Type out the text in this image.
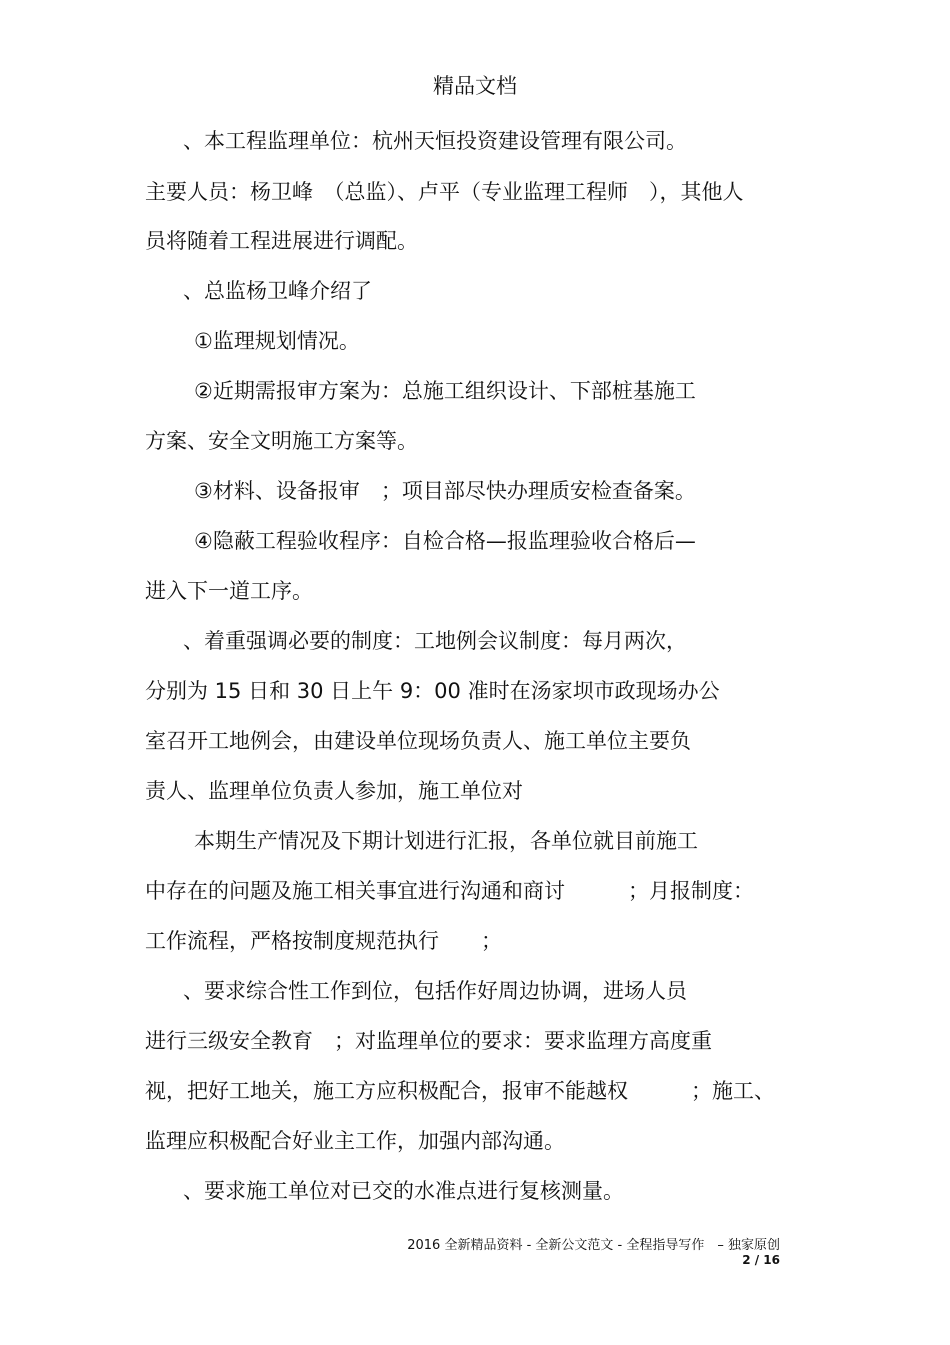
精品文档
、本工程监理单位：杭州天恒投资建设管理有限公司。
主要人员：杨卫峰　（总监）、卢平（专业监理工程师　），其他人
员将随着工程进展进行调配。
、总监杨卫峰介绍了
①监理规划情况。
②近期需报审方案为：总施工组织设计、下部桩基施工
方案、安全文明施工方案等。
③材料、设备报审　；项目部尽快办理质安检查备案。
④隐蔽工程验收程序：自检合格—报监理验收合格后—
进入下一道工序。
、着重强调必要的制度：工地例会议制度：每月两次，
分别为 15 日和 30 日上午 9：00 准时在汤家坝市政现场办公
室召开工地例会，由建设单位现场负责人、施工单位主要负
责人、监理单位负责人参加，施工单位对
本期生产情况及下期计划进行汇报，各单位就目前施工
中存在的问题及施工相关事宜进行沟通和商讨　　　；月报制度：
工作流程，严格按制度规范执行　　；
、要求综合性工作到位，包括作好周边协调，进场人员
进行三级安全教育　；对监理单位的要求：要求监理方高度重
视，把好工地关，施工方应积极配合，报审不能越权　　　；施工、
监理应积极配合好业主工作，加强内部沟通。
、要求施工单位对已交的水准点进行复核测量。
2016 全新精品资料 - 全新公文范文 - 全程指导写作　– 独家原创
2 / 16
